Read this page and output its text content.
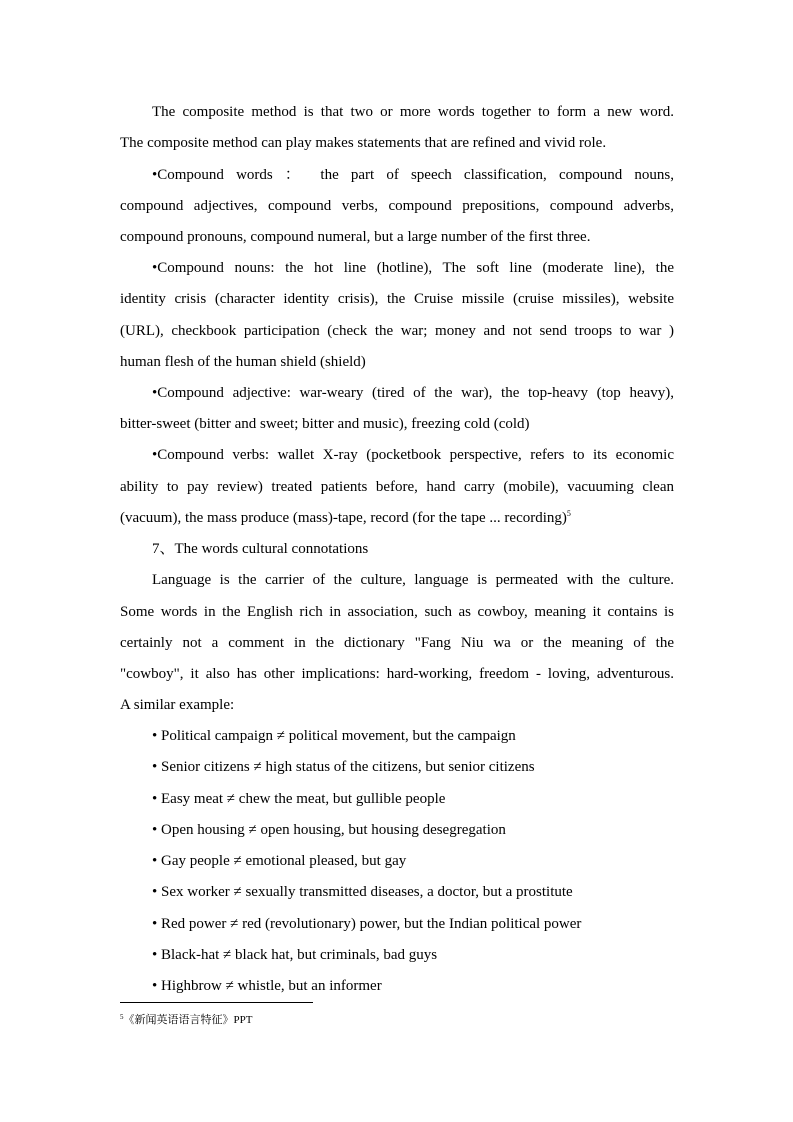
The composite method is that two or more words together to form a new word.
The composite method can play makes statements that are refined and vivid role.
•Compound words ： the part of speech classification, compound nouns,
compound adjectives, compound verbs, compound prepositions, compound adverbs,
compound pronouns, compound numeral, but a large number of the first three.
•Compound nouns: the hot line (hotline), The soft line (moderate line), the
identity crisis (character identity crisis), the Cruise missile (cruise missiles), website
(URL), checkbook participation (check the war; money and not send troops to war )
human flesh of the human shield (shield)
•Compound adjective: war-weary (tired of the war), the top-heavy (top heavy),
bitter-sweet (bitter and sweet; bitter and music), freezing cold (cold)
•Compound verbs: wallet X-ray (pocketbook perspective, refers to its economic
ability to pay review) treated patients before, hand carry (mobile), vacuuming clean
(vacuum), the mass produce (mass)-tape, record (for the tape ... recording)$^5$
7、The words cultural connotations
Language is the carrier of the culture, language is permeated with the culture.
Some words in the English rich in association, such as cowboy, meaning it contains is
certainly not a comment in the dictionary "Fang Niu wa or the meaning of the
"cowboy", it also has other implications: hard-working, freedom - loving, adventurous.
A similar example:
• Political campaign ≠ political movement, but the campaign
• Senior citizens ≠ high status of the citizens, but senior citizens
• Easy meat ≠ chew the meat, but gullible people
• Open housing ≠ open housing, but housing desegregation
• Gay people ≠ emotional pleased, but gay
• Sex worker ≠ sexually transmitted diseases, a doctor, but a prostitute
• Red power ≠ red (revolutionary) power, but the Indian political power
• Black-hat ≠ black hat, but criminals, bad guys
• Highbrow ≠ whistle, but an informer
$^5$《新闻英语语言特征》PPT
